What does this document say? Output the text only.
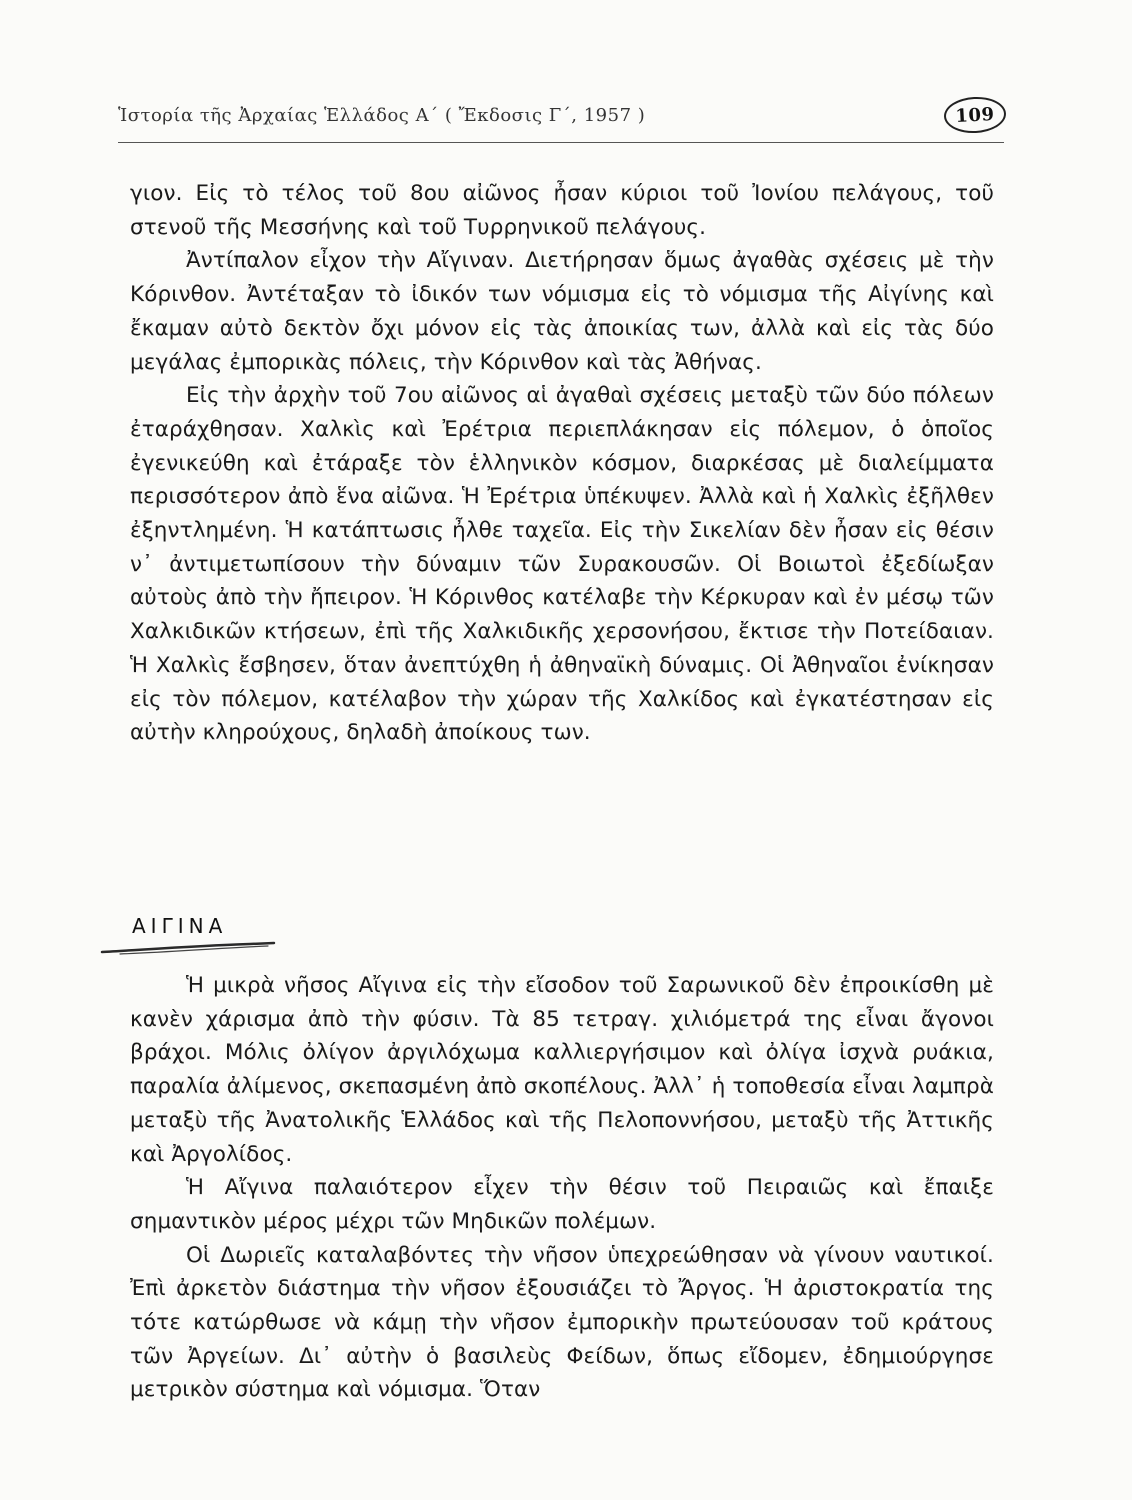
Ἱστορία τῆς Ἀρχαίας Ἑλλάδος Α΄ ( Ἔκδοσις Γ΄, 1957 )	109

γιον. Εἰς τὸ τέλος τοῦ 8ου αἰῶνος ἦσαν κύριοι τοῦ Ἰονίου πελάγους, τοῦ στενοῦ τῆς Μεσσήνης καὶ τοῦ Τυρρηνικοῦ πελάγους.

Ἀντίπαλον εἶχον τὴν Αἴγιναν. Διετήρησαν ὅμως ἀγαθὰς σχέσεις μὲ τὴν Κόρινθον. Ἀντέταξαν τὸ ἰδικόν των νόμισμα εἰς τὸ νόμισμα τῆς Αἰγίνης καὶ ἔκαμαν αὐτὸ δεκτὸν ὄχι μόνον εἰς τὰς ἀποικίας των, ἀλλὰ καὶ εἰς τὰς δύο μεγάλας ἐμπορικὰς πόλεις, τὴν Κόρινθον καὶ τὰς Ἀθήνας.

Εἰς τὴν ἀρχὴν τοῦ 7ου αἰῶνος αἱ ἀγαθαὶ σχέσεις μεταξὺ τῶν δύο πόλεων ἐταράχθησαν. Χαλκὶς καὶ Ἐρέτρια περιεπλάκησαν εἰς πόλεμον, ὁ ὁποῖος ἐγενικεύθη καὶ ἐτάραξε τὸν ἑλληνικὸν κόσμον, διαρκέσας μὲ διαλείμματα περισσότερον ἀπὸ ἕνα αἰῶνα. Ἡ Ἐρέτρια ὑπέκυψεν. Ἀλλὰ καὶ ἡ Χαλκὶς ἐξῆλθεν ἐξηντλημένη. Ἡ κατάπτωσις ἦλθε ταχεῖα. Εἰς τὴν Σικελίαν δὲν ἦσαν εἰς θέσιν ν᾽ ἀντιμετωπίσουν τὴν δύναμιν τῶν Συρακουσῶν. Οἱ Βοιωτοὶ ἐξεδίωξαν αὐτοὺς ἀπὸ τὴν ἤπειρον. Ἡ Κόρινθος κατέλαβε τὴν Κέρκυραν καὶ ἐν μέσῳ τῶν Χαλκιδικῶν κτήσεων, ἐπὶ τῆς Χαλκιδικῆς χερσονήσου, ἔκτισε τὴν Ποτείδαιαν. Ἡ Χαλκὶς ἔσβησεν, ὅταν ἀνεπτύχθη ἡ ἀθηναϊκὴ δύναμις. Οἱ Ἀθηναῖοι ἐνίκησαν εἰς τὸν πόλεμον, κατέλαβον τὴν χώραν τῆς Χαλκίδος καὶ ἐγκατέστησαν εἰς αὐτὴν κληρούχους, δηλαδὴ ἀποίκους των.

ΑΙΓΙΝΑ

Ἡ μικρὰ νῆσος Αἴγινα εἰς τὴν εἴσοδον τοῦ Σαρωνικοῦ δὲν ἐπροικίσθη μὲ κανὲν χάρισμα ἀπὸ τὴν φύσιν. Τὰ 85 τετραγ. χιλιόμετρά της εἶναι ἄγονοι βράχοι. Μόλις ὀλίγον ἀργιλόχωμα καλλιεργήσιμον καὶ ὀλίγα ἰσχνὰ ρυάκια, παραλία ἀλίμενος, σκεπασμένη ἀπὸ σκοπέλους. Ἀλλ᾽ ἡ τοποθεσία εἶναι λαμπρὰ μεταξὺ τῆς Ἀνατολικῆς Ἑλλάδος καὶ τῆς Πελοποννήσου, μεταξὺ τῆς Ἀττικῆς καὶ Ἀργολίδος.

Ἡ Αἴγινα παλαιότερον εἶχεν τὴν θέσιν τοῦ Πειραιῶς καὶ ἔπαιξε σημαντικὸν μέρος μέχρι τῶν Μηδικῶν πολέμων.

Οἱ Δωριεῖς καταλαβόντες τὴν νῆσον ὑπεχρεώθησαν νὰ γίνουν ναυτικοί. Ἐπὶ ἀρκετὸν διάστημα τὴν νῆσον ἐξουσιάζει τὸ Ἄργος. Ἡ ἀριστοκρατία της τότε κατώρθωσε νὰ κάμῃ τὴν νῆσον ἐμπορικὴν πρωτεύουσαν τοῦ κράτους τῶν Ἀργείων. Δι᾽ αὐτὴν ὁ βασιλεὺς Φείδων, ὅπως εἴδομεν, ἐδημιούργησε μετρικὸν σύστημα καὶ νόμισμα. Ὅταν
